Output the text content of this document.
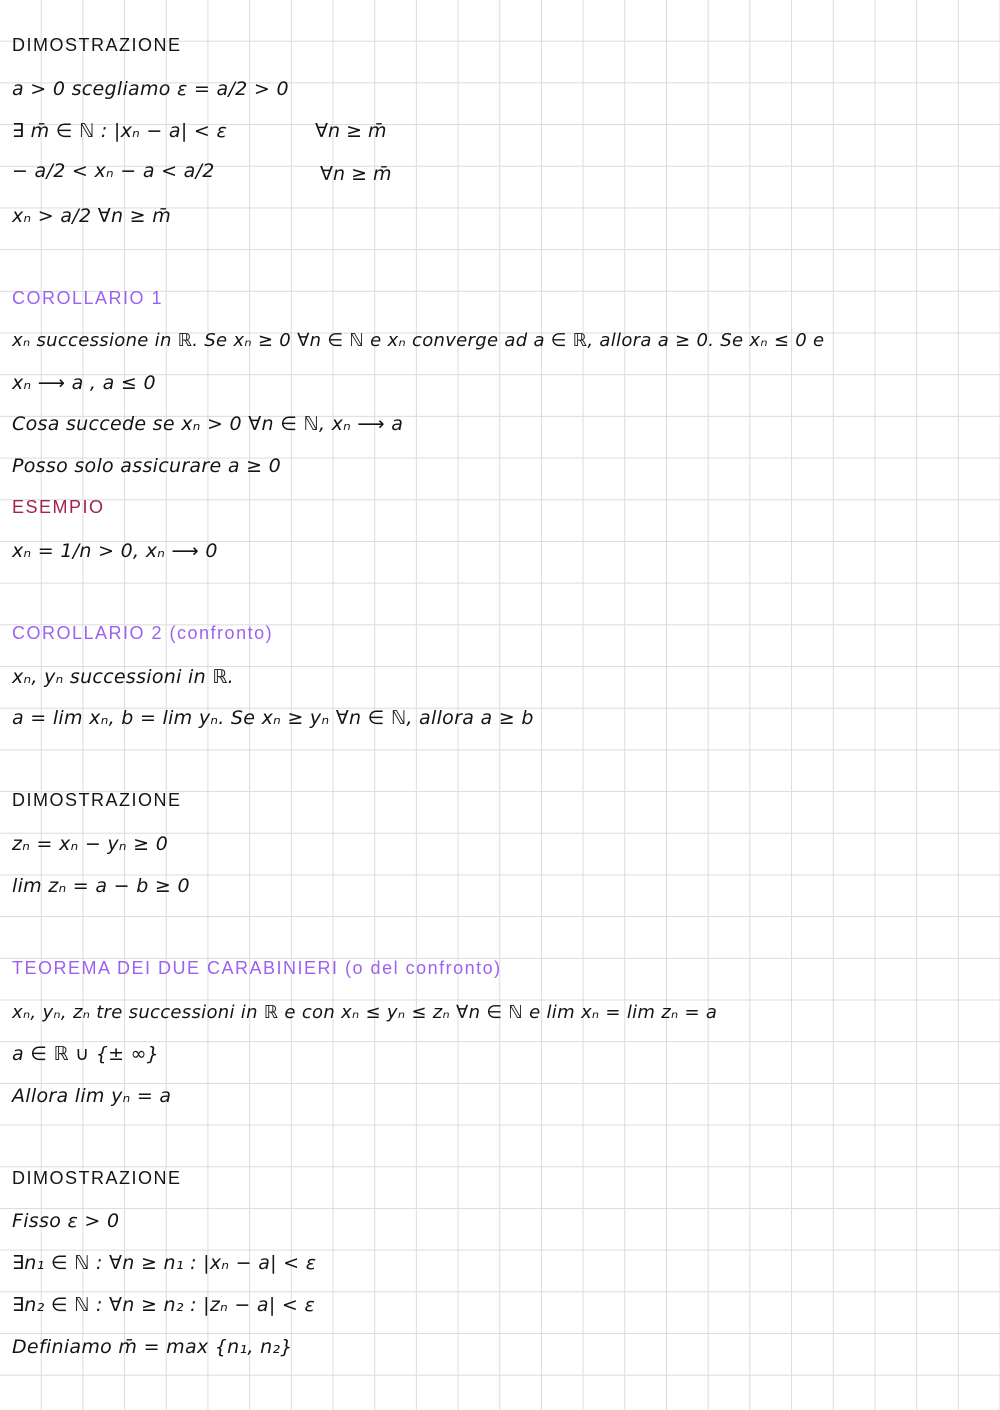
DIMOSTRAZIONE
a > 0 scegliamo ε = a/2 > 0
∃ m̄ ∈ ℕ : |xₙ − a| < ε	∀n ≥ m̄
− a/2 < xₙ − a < a/2	∀n ≥ m̄
xₙ > a/2 ∀n ≥ m̄
COROLLARIO 1
xₙ successione in ℝ. Se xₙ ≥ 0 ∀n ∈ ℕ e xₙ converge ad a ∈ ℝ, allora a ≥ 0. Se xₙ ≤ 0 e
xₙ ⟶ a , a ≤ 0
Cosa succede se xₙ > 0 ∀n ∈ ℕ, xₙ ⟶ a
Posso solo assicurare a ≥ 0
ESEMPIO
xₙ = 1/n > 0, xₙ ⟶ 0
COROLLARIO 2 (confronto)
xₙ, yₙ successioni in ℝ.
a = lim xₙ, b = lim yₙ. Se xₙ ≥ yₙ ∀n ∈ ℕ, allora a ≥ b
DIMOSTRAZIONE
zₙ = xₙ − yₙ ≥ 0
lim zₙ = a − b ≥ 0
TEOREMA DEI DUE CARABINIERI (o del confronto)
xₙ, yₙ, zₙ tre successioni in ℝ e con xₙ ≤ yₙ ≤ zₙ ∀n ∈ ℕ e lim xₙ = lim zₙ = a
a ∈ ℝ ∪ {± ∞}
Allora lim yₙ = a
DIMOSTRAZIONE
Fisso ε > 0
∃n₁ ∈ ℕ : ∀n ≥ n₁ : |xₙ − a| < ε
∃n₂ ∈ ℕ : ∀n ≥ n₂ : |zₙ − a| < ε
Definiamo m̄ = max {n₁, n₂}
